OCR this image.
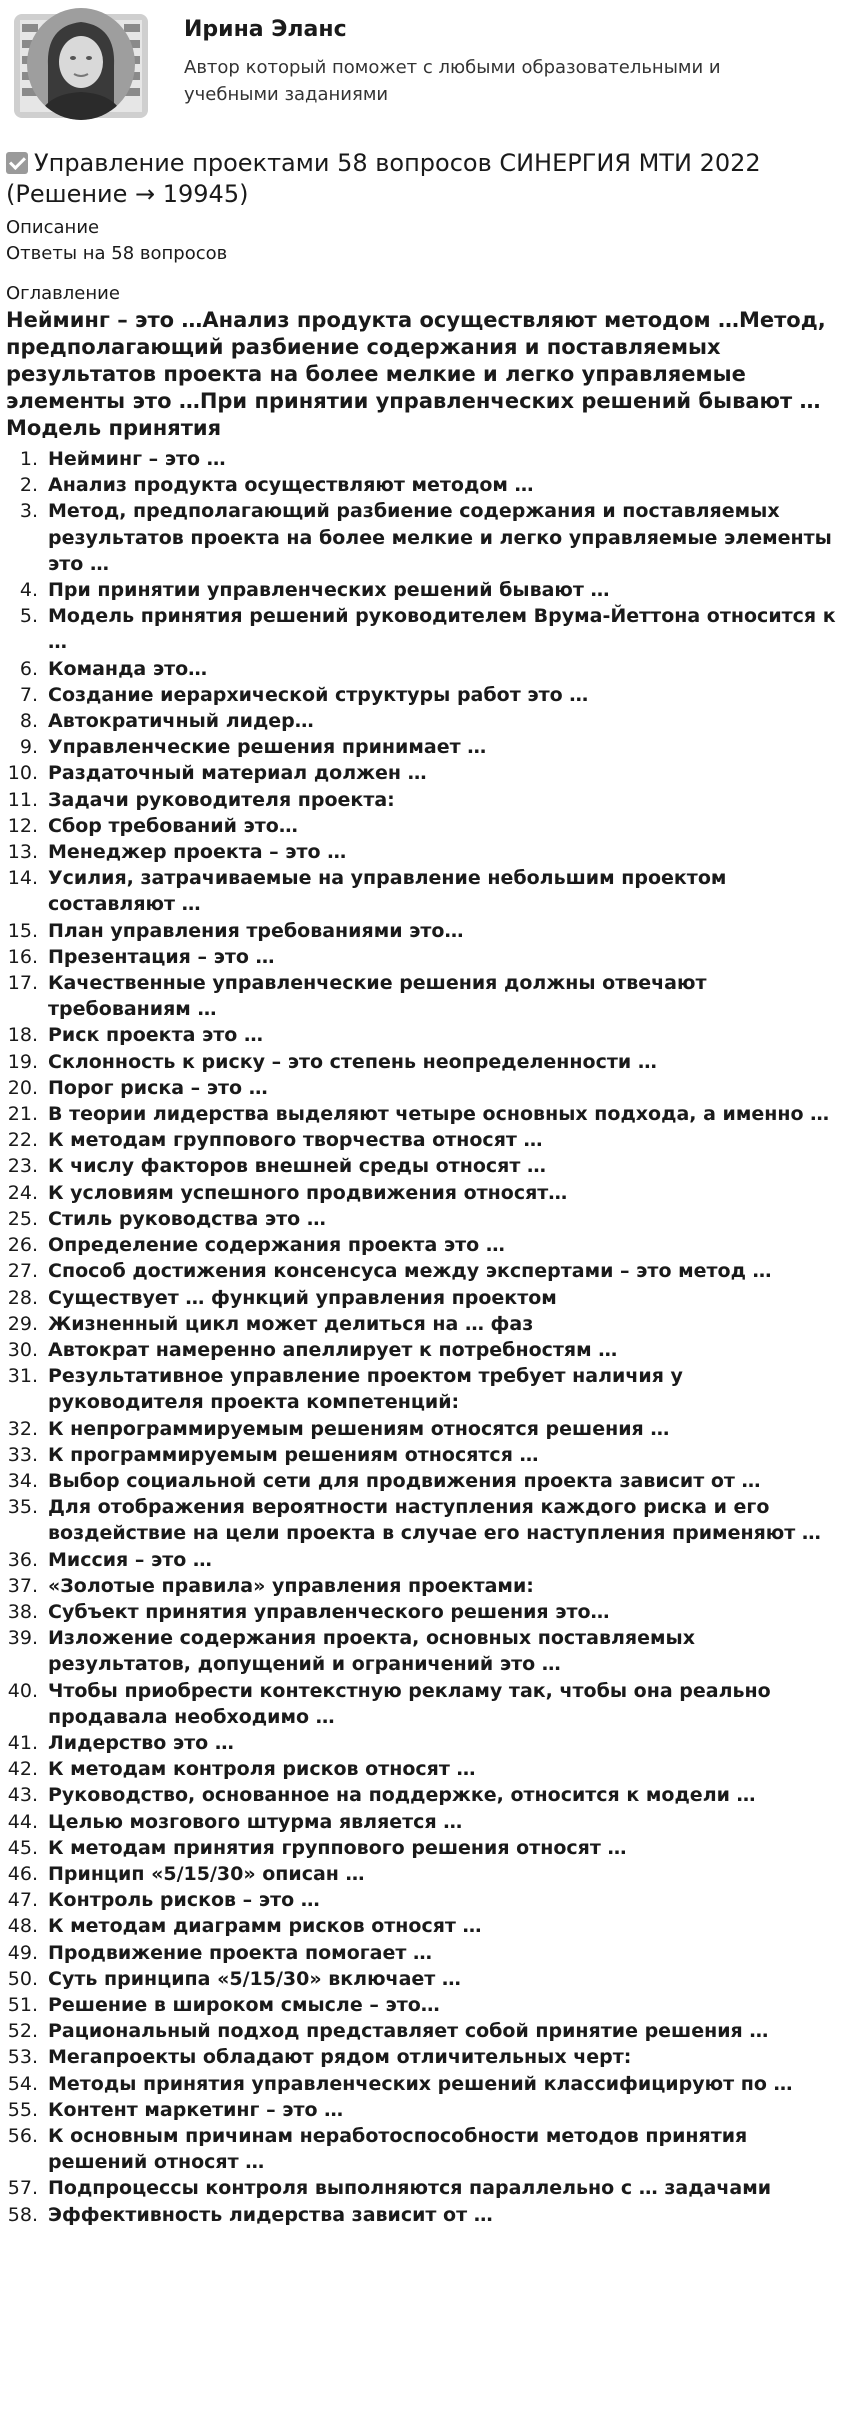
Ирина Эланс
Автор который поможет с любыми образовательными и учебными заданиями
Управление проектами 58 вопросов СИНЕРГИЯ МТИ 2022 (Решение → 19945)
Описание
Ответы на 58 вопросов
Оглавление
Нейминг – это …Анализ продукта осуществляют методом …Метод, предполагающий разбиение содержания и поставляемых результатов проекта на более мелкие и легко управляемые элементы это …При принятии управленческих решений бывают …Модель принятия
1. Нейминг – это …
2. Анализ продукта осуществляют методом …
3. Метод, предполагающий разбиение содержания и поставляемых результатов проекта на более мелкие и легко управляемые элементы это …
4. При принятии управленческих решений бывают …
5. Модель принятия решений руководителем Врума-Йеттона относится к …
6. Команда это…
7. Создание иерархической структуры работ это …
8. Автократичный лидер…
9. Управленческие решения принимает …
10. Раздаточный материал должен …
11. Задачи руководителя проекта:
12. Сбор требований это…
13. Менеджер проекта – это …
14. Усилия, затрачиваемые на управление небольшим проектом составляют …
15. План управления требованиями это…
16. Презентация – это …
17. Качественные управленческие решения должны отвечают требованиям …
18. Риск проекта это …
19. Склонность к риску – это степень неопределенности …
20. Порог риска – это …
21. В теории лидерства выделяют четыре основных подхода, а именно …
22. К методам группового творчества относят …
23. К числу факторов внешней среды относят …
24. К условиям успешного продвижения относят…
25. Стиль руководства это …
26. Определение содержания проекта это …
27. Способ достижения консенсуса между экспертами – это метод …
28. Существует … функций управления проектом
29. Жизненный цикл может делиться на … фаз
30. Автократ намеренно апеллирует к потребностям …
31. Результативное управление проектом требует наличия у руководителя проекта компетенций:
32. К непрограммируемым решениям относятся решения …
33. К программируемым решениям относятся …
34. Выбор социальной сети для продвижения проекта зависит от …
35. Для отображения вероятности наступления каждого риска и его воздействие на цели проекта в случае его наступления применяют …
36. Миссия – это …
37. «Золотые правила» управления проектами:
38. Субъект принятия управленческого решения это…
39. Изложение содержания проекта, основных поставляемых результатов, допущений и ограничений это …
40. Чтобы приобрести контекстную рекламу так, чтобы она реально продавала необходимо …
41. Лидерство это …
42. К методам контроля рисков относят …
43. Руководство, основанное на поддержке, относится к модели …
44. Целью мозгового штурма является …
45. К методам принятия группового решения относят …
46. Принцип «5/15/30» описан …
47. Контроль рисков – это …
48. К методам диаграмм рисков относят …
49. Продвижение проекта помогает …
50. Суть принципа «5/15/30» включает …
51. Решение в широком смысле – это…
52. Рациональный подход представляет собой принятие решения …
53. Мегапроекты обладают рядом отличительных черт:
54. Методы принятия управленческих решений классифицируют по …
55. Контент маркетинг – это …
56. К основным причинам неработоспособности методов принятия решений относят …
57. Подпроцессы контроля выполняются параллельно с … задачами
58. Эффективность лидерства зависит от …
